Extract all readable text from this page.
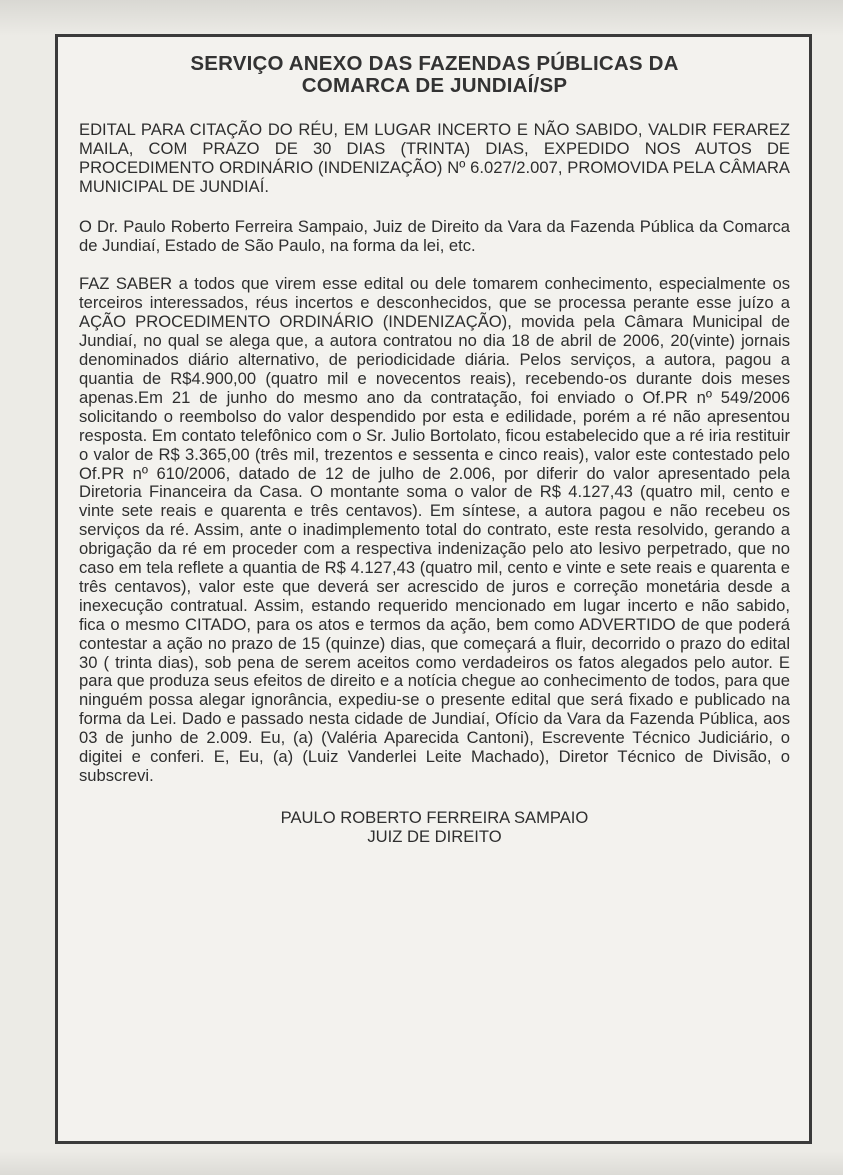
SERVIÇO ANEXO DAS FAZENDAS PÚBLICAS DA
COMARCA DE JUNDIAÍ/SP

EDITAL PARA CITAÇÃO DO RÉU, EM LUGAR INCERTO E NÃO SABIDO, VALDIR FERAREZ MAILA, COM PRAZO DE 30 DIAS (TRINTA) DIAS, EXPEDIDO NOS AUTOS DE PROCEDIMENTO ORDINÁRIO (INDENIZAÇÃO) Nº 6.027/2.007, PROMOVIDA PELA CÂMARA MUNICIPAL DE JUNDIAÍ.

O Dr. Paulo Roberto Ferreira Sampaio, Juiz de Direito da Vara da Fazenda Pública da Comarca de Jundiaí, Estado de São Paulo, na forma da lei, etc.

FAZ SABER a todos que virem esse edital ou dele tomarem conhecimento, especialmente os terceiros interessados, réus incertos e desconhecidos, que se processa perante esse juízo a AÇÃO PROCEDIMENTO ORDINÁRIO (INDENIZAÇÃO), movida pela Câmara Municipal de Jundiaí, no qual se alega que, a autora contratou no dia 18 de abril de 2006, 20(vinte) jornais denominados diário alternativo, de periodicidade diária. Pelos serviços, a autora, pagou a quantia de R$4.900,00 (quatro mil e novecentos reais), recebendo-os durante dois meses apenas.Em 21 de junho do mesmo ano da contratação, foi enviado o Of.PR nº 549/2006 solicitando o reembolso do valor despendido por esta e edilidade, porém a ré não apresentou resposta. Em contato telefônico com o Sr. Julio Bortolato, ficou estabelecido que a ré iria restituir o valor de R$ 3.365,00 (três mil, trezentos e sessenta e cinco reais), valor este contestado pelo Of.PR nº 610/2006, datado de 12 de julho de 2.006, por diferir do valor apresentado pela Diretoria Financeira da Casa. O montante soma o valor de R$ 4.127,43 (quatro mil, cento e vinte sete reais e quarenta e três centavos). Em síntese, a autora pagou e não recebeu os serviços da ré. Assim, ante o inadimplemento total do contrato, este resta resolvido, gerando a obrigação da ré em proceder com a respectiva indenização pelo ato lesivo perpetrado, que no caso em tela reflete a quantia de R$ 4.127,43 (quatro mil, cento e vinte e sete reais e quarenta e três centavos), valor este que deverá ser acrescido de juros e correção monetária desde a inexecução contratual. Assim, estando requerido mencionado em lugar incerto e não sabido, fica o mesmo CITADO, para os atos e termos da ação, bem como ADVERTIDO de que poderá contestar a ação no prazo de 15 (quinze) dias, que começará a fluir, decorrido o prazo do edital 30 ( trinta dias), sob pena de serem aceitos como verdadeiros os fatos alegados pelo autor. E para que produza seus efeitos de direito e a notícia chegue ao conhecimento de todos, para que ninguém possa alegar ignorância, expediu-se o presente edital que será fixado e publicado na forma da Lei. Dado e passado nesta cidade de Jundiaí, Ofício da Vara da Fazenda Pública, aos 03 de junho de 2.009. Eu, (a) (Valéria Aparecida Cantoni), Escrevente Técnico Judiciário, o digitei e conferi. E, Eu, (a) (Luiz Vanderlei Leite Machado), Diretor Técnico de Divisão, o subscrevi.

PAULO ROBERTO FERREIRA SAMPAIO
JUIZ DE DIREITO
